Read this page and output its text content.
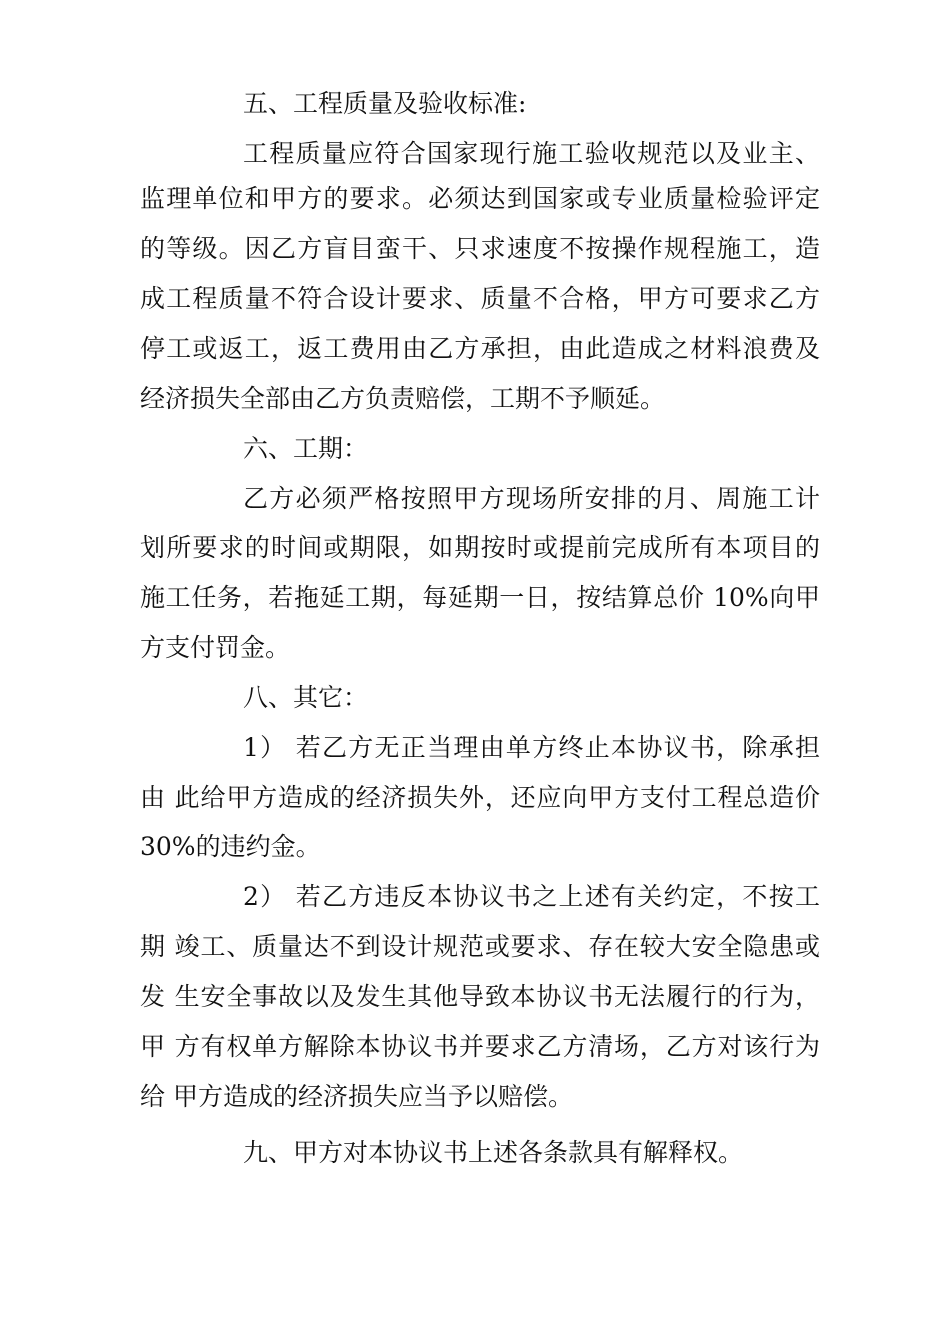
五、工程质量及验收标准:
工程质量应符合国家现行施工验收规范以及业主、
监理单位和甲方的要求。必须达到国家或专业质量检验评定
的等级。因乙方盲目蛮干、只求速度不按操作规程施工，造
成工程质量不符合设计要求、质量不合格，甲方可要求乙方
停工或返工，返工费用由乙方承担，由此造成之材料浪费及
经济损失全部由乙方负责赔偿，工期不予顺延。
六、工期：
乙方必须严格按照甲方现场所安排的月、周施工计
划所要求的时间或期限，如期按时或提前完成所有本项目的
施工任务，若拖延工期，每延期一日，按结算总价 10%向甲
方支付罚金。
八、其它：
1） 若乙方无正当理由单方终止本协议书，除承担
由 此给甲方造成的经济损失外，还应向甲方支付工程总造价
30%的违约金。
2） 若乙方违反本协议书之上述有关约定，不按工
期 竣工、质量达不到设计规范或要求、存在较大安全隐患或
发 生安全事故以及发生其他导致本协议书无法履行的行为，
甲 方有权单方解除本协议书并要求乙方清场，乙方对该行为
给 甲方造成的经济损失应当予以赔偿。
九、甲方对本协议书上述各条款具有解释权。
